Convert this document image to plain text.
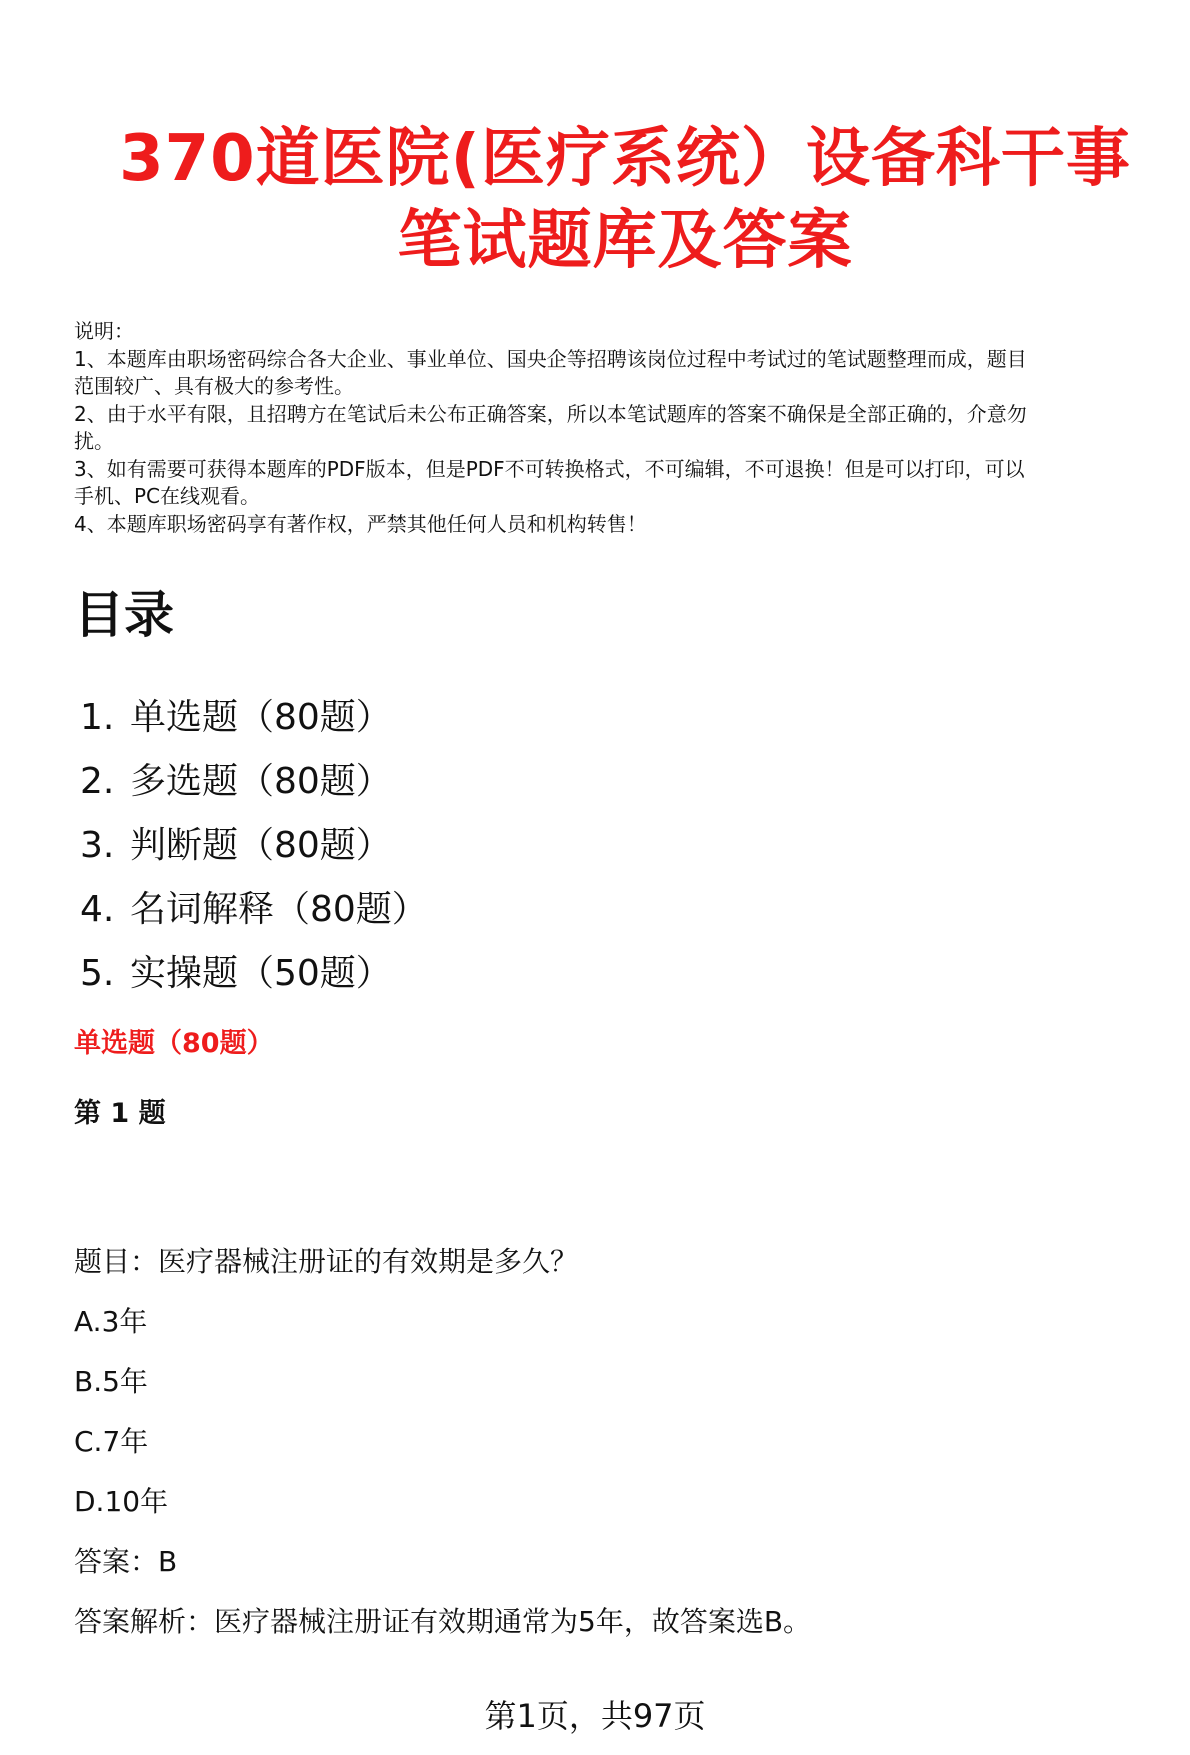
370道医院(医疗系统）设备科干事
笔试题库及答案
说明：
1、本题库由职场密码综合各大企业、事业单位、国央企等招聘该岗位过程中考试过的笔试题整理而成，题目
范围较广、具有极大的参考性。
2、由于水平有限，且招聘方在笔试后未公布正确答案，所以本笔试题库的答案不确保是全部正确的，介意勿
扰。
3、如有需要可获得本题库的PDF版本，但是PDF不可转换格式，不可编辑，不可退换！但是可以打印，可以
手机、PC在线观看。
4、本题库职场密码享有著作权，严禁其他任何人员和机构转售！
目录
1. 单选题（80题）
2. 多选题（80题）
3. 判断题（80题）
4. 名词解释（80题）
5. 实操题（50题）
单选题（80题）
第 1 题
题目：医疗器械注册证的有效期是多久？
A.3年
B.5年
C.7年
D.10年
答案：B
答案解析：医疗器械注册证有效期通常为5年，故答案选B。
第1页，共97页
